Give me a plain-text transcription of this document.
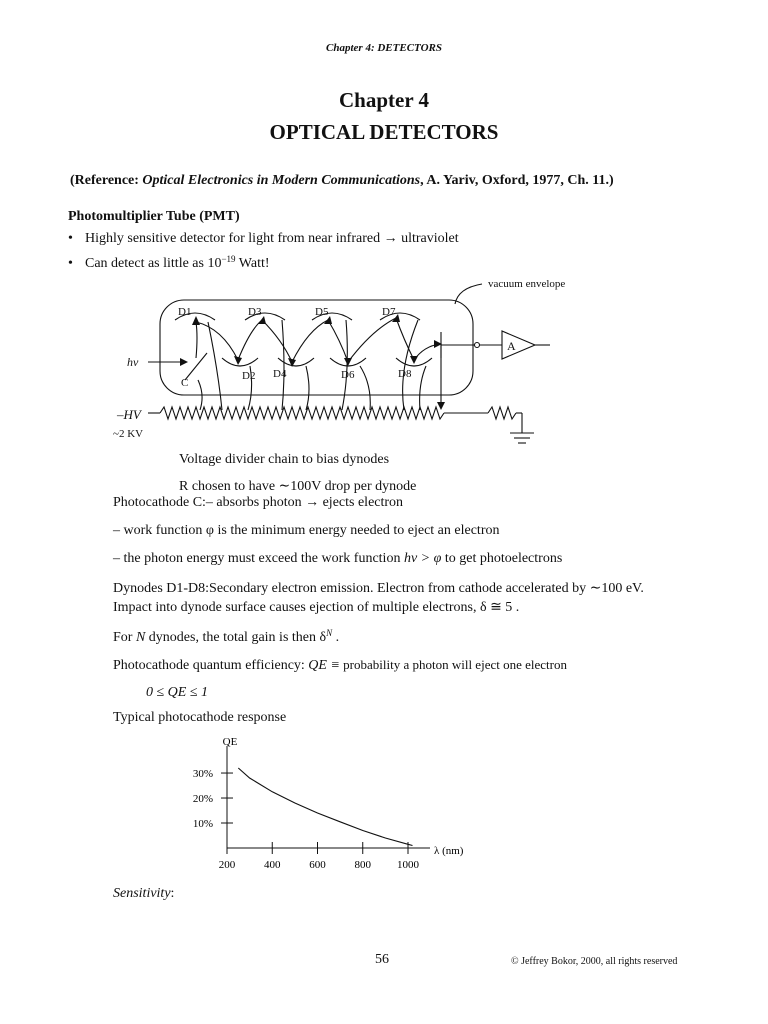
Chapter 4: DETECTORS
Chapter 4
OPTICAL DETECTORS
(Reference: Optical Electronics in Modern Communications, A. Yariv, Oxford, 1977, Ch. 11.)
Photomultiplier Tube (PMT)
• Highly sensitive detector for light from near infrared → ultraviolet
• Can detect as little as $10^{-19}$ Watt!
vacuum envelope
D1	D3	D5	D7
D2 D4	D6	D8
C
hν
A
–HV
~2 KV
Voltage divider chain to bias dynodes
R chosen to have ∼100V drop per dynode
Photocathode C:– absorbs photon → ejects electron
– work function φ is the minimum energy needed to eject an electron
– the photon energy must exceed the work function hν > φ to get photoelectrons
Dynodes D1-D8:Secondary electron emission. Electron from cathode accelerated by ∼100 eV.
Impact into dynode surface causes ejection of multiple electrons, δ ≅ 5 .
For N dynodes, the total gain is then $\delta^N$ .
Photocathode quantum efficiency: QE ≡ probability a photon will eject one electron
0 ≤ QE ≤ 1
Typical photocathode response
QE
λ (nm)
200	400	600	800 1000
10%
20%
30%
Sensitivity:
56	© Jeffrey Bokor, 2000, all rights reserved
